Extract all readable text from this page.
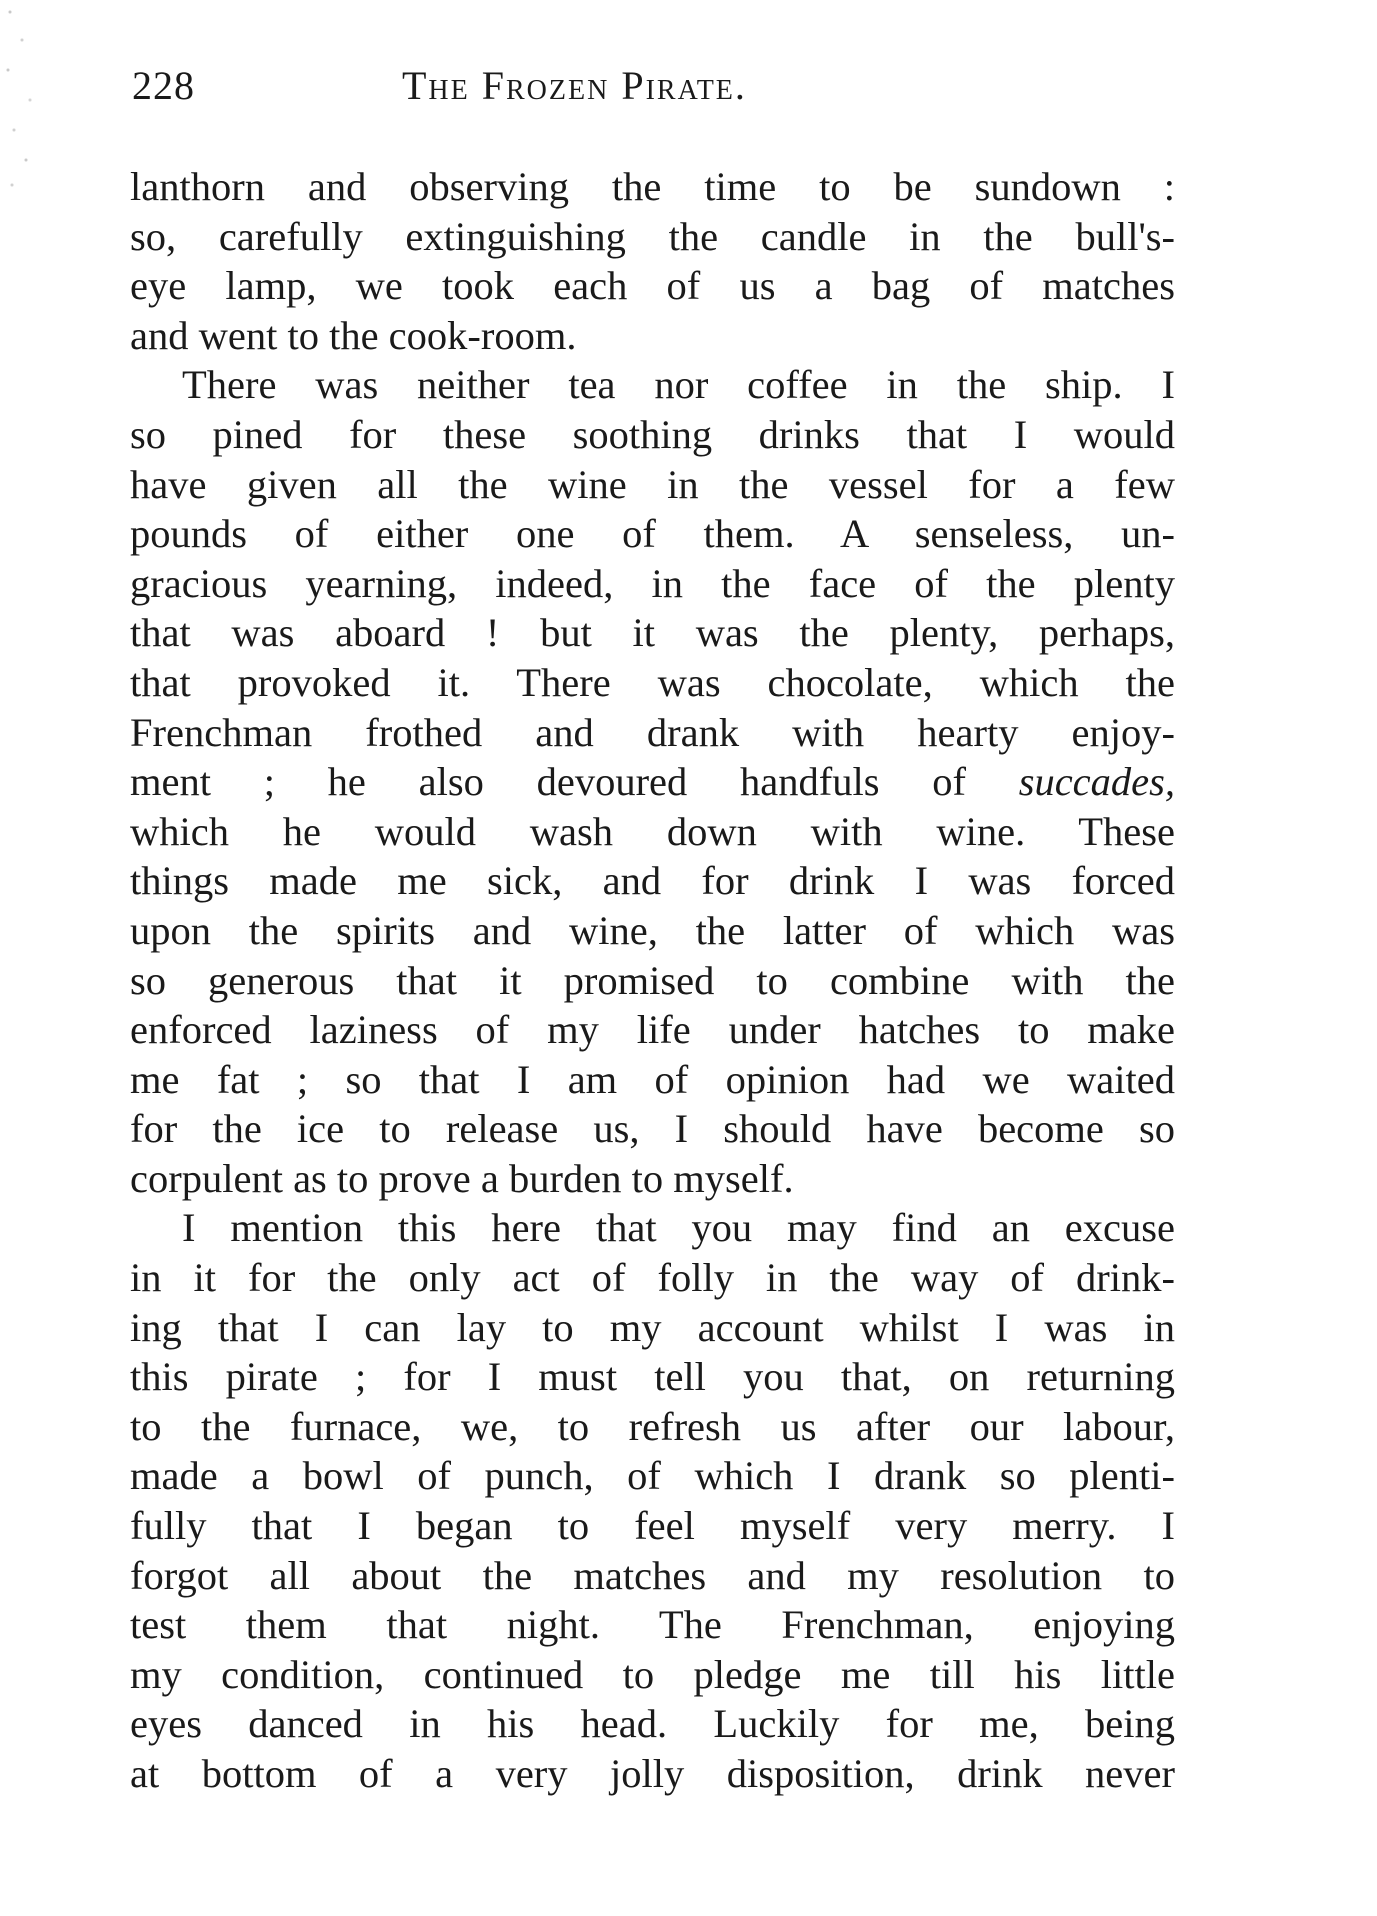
228	The Frozen Pirate.
lanthorn and observing the time to be sundown :
so, carefully extinguishing the candle in the bull's-
eye lamp, we took each of us a bag of matches
and went to the cook-room.
There was neither tea nor coffee in the ship. I
so pined for these soothing drinks that I would
have given all the wine in the vessel for a few
pounds of either one of them. A senseless, un-
gracious yearning, indeed, in the face of the plenty
that was aboard ! but it was the plenty, perhaps,
that provoked it. There was chocolate, which the
Frenchman frothed and drank with hearty enjoy-
ment ; he also devoured handfuls of succades,
which he would wash down with wine. These
things made me sick, and for drink I was forced
upon the spirits and wine, the latter of which was
so generous that it promised to combine with the
enforced laziness of my life under hatches to make
me fat ; so that I am of opinion had we waited
for the ice to release us, I should have become so
corpulent as to prove a burden to myself.
I mention this here that you may find an excuse
in it for the only act of folly in the way of drink-
ing that I can lay to my account whilst I was in
this pirate ; for I must tell you that, on returning
to the furnace, we, to refresh us after our labour,
made a bowl of punch, of which I drank so plenti-
fully that I began to feel myself very merry. I
forgot all about the matches and my resolution to
test them that night. The Frenchman, enjoying
my condition, continued to pledge me till his little
eyes danced in his head. Luckily for me, being
at bottom of a very jolly disposition, drink never
